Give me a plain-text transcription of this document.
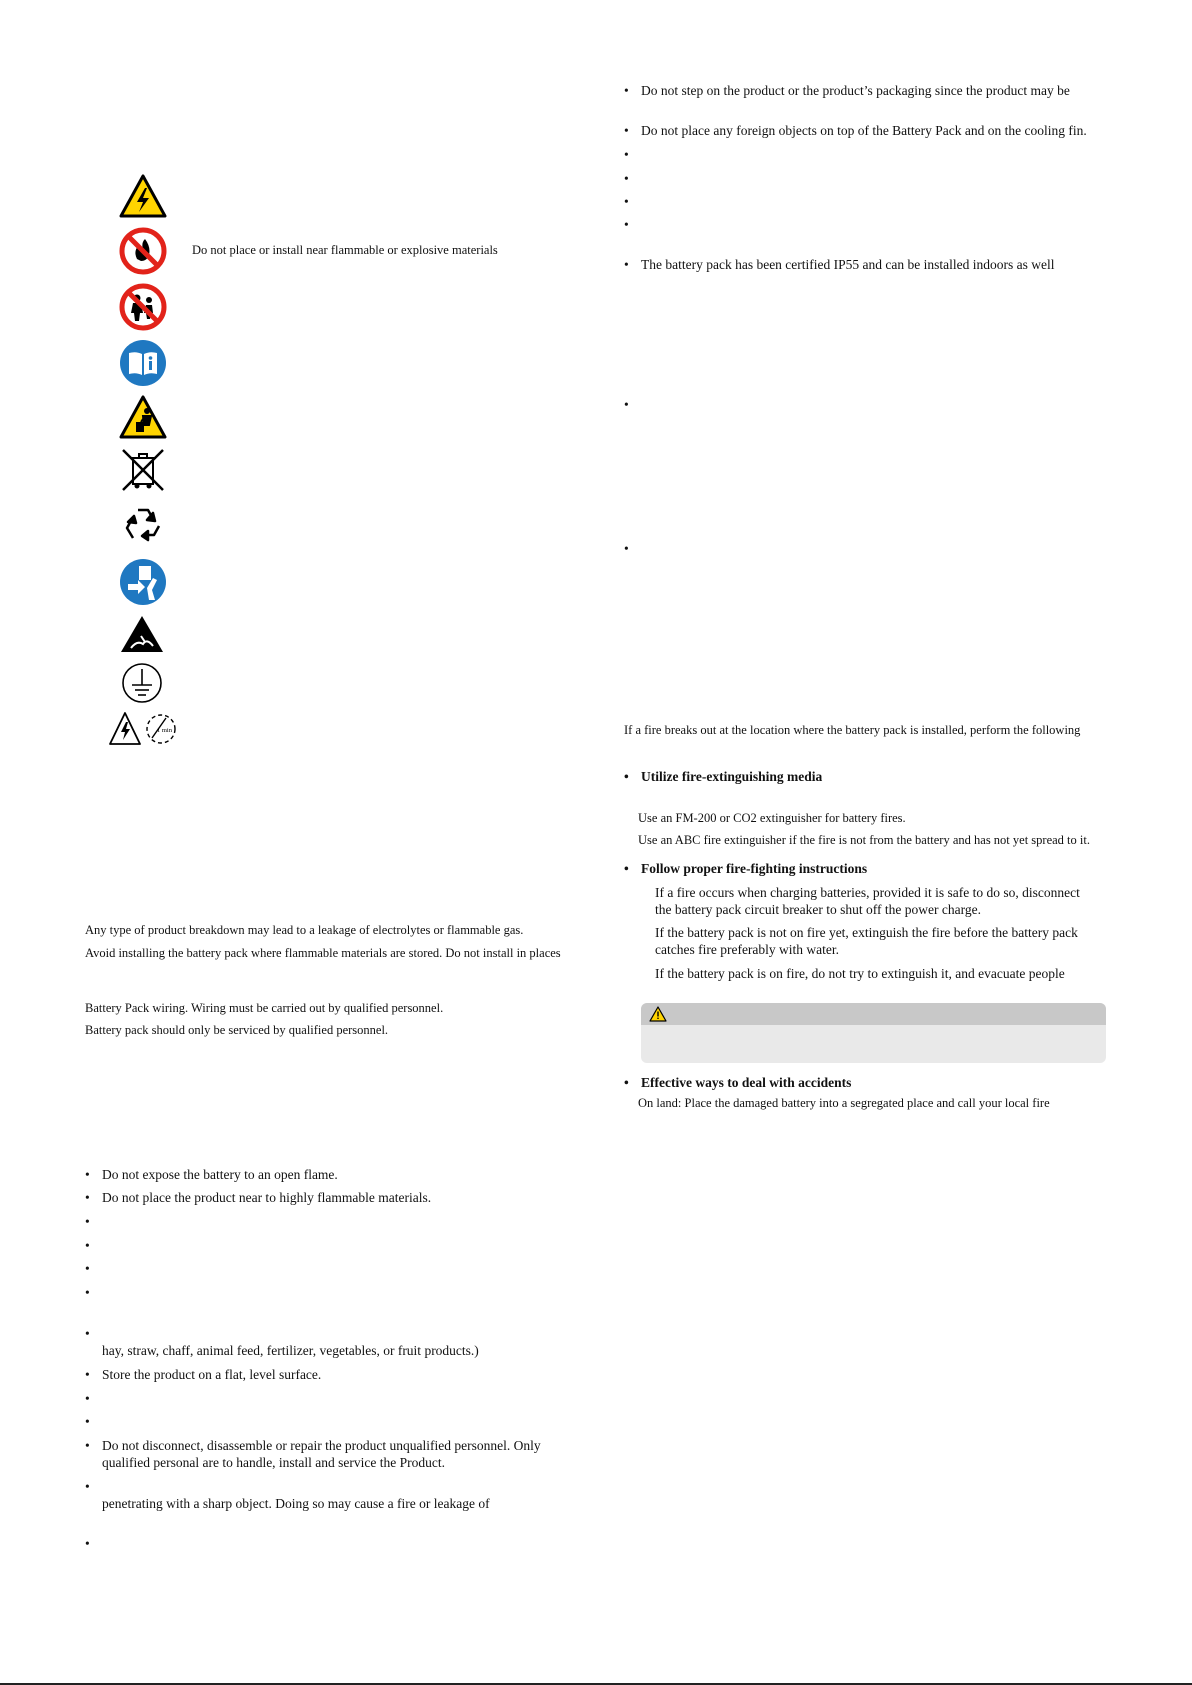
Do not place or install near flammable or explosive materials
1 min
Any type of product breakdown may lead to a leakage of electrolytes or flammable gas.
Avoid installing the battery pack where flammable materials are stored. Do not install in places
Battery Pack wiring. Wiring must be carried out by qualified personnel.
Battery pack should only be serviced by qualified personnel.
• Do not expose the battery to an open flame.
• Do not place the product near to highly flammable materials.
•
•
•
•
•
hay, straw, chaff, animal feed, fertilizer, vegetables, or fruit products.)
• Store the product on a flat, level surface.
•
•
• Do not disconnect, disassemble or repair the product unqualified personnel. Only
qualified personal are to handle, install and service the Product.
•
penetrating with a sharp object. Doing so may cause a fire or leakage of
•
• Do not step on the product or the product’s packaging since the product may be
• Do not place any foreign objects on top of the Battery Pack and on the cooling fin.
•
•
•
•
• The battery pack has been certified IP55 and can be installed indoors as well
•
•
If a fire breaks out at the location where the battery pack is installed, perform the following
• Utilize fire-extinguishing media
Use an FM-200 or CO2 extinguisher for battery fires.
Use an ABC fire extinguisher if the fire is not from the battery and has not yet spread to it.
• Follow proper fire-fighting instructions
If a fire occurs when charging batteries, provided it is safe to do so, disconnect
the battery pack circuit breaker to shut off the power charge.
If the battery pack is not on fire yet, extinguish the fire before the battery pack
catches fire preferably with water.
If the battery pack is on fire, do not try to extinguish it, and evacuate people
• Effective ways to deal with accidents
On land: Place the damaged battery into a segregated place and call your local fire
